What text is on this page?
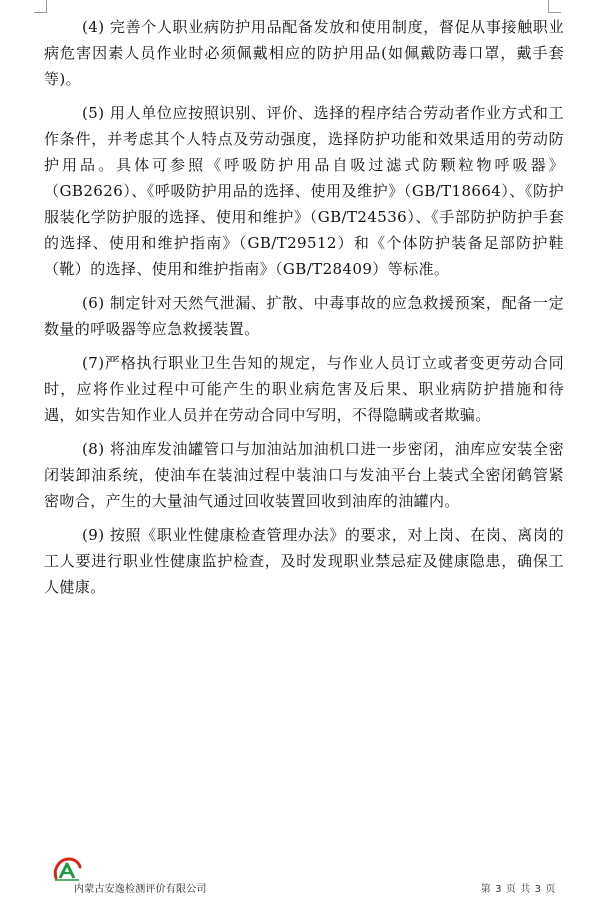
(4) 完善个人职业病防护用品配备发放和使用制度，督促从事接触职业病危害因素人员作业时必须佩戴相应的防护用品(如佩戴防毒口罩，戴手套等)。

(5) 用人单位应按照识别、评价、选择的程序结合劳动者作业方式和工作条件，并考虑其个人特点及劳动强度，选择防护功能和效果适用的劳动防护用品。具体可参照《呼吸防护用品自吸过滤式防颗粒物呼吸器》（GB2626）、《呼吸防护用品的选择、使用及维护》（GB/T18664）、《防护服装化学防护服的选择、使用和维护》（GB/T24536）、《手部防护防护手套的选择、使用和维护指南》（GB/T29512）和《个体防护装备足部防护鞋（靴）的选择、使用和维护指南》（GB/T28409）等标准。

(6) 制定针对天然气泄漏、扩散、中毒事故的应急救援预案，配备一定数量的呼吸器等应急救援装置。

(7)严格执行职业卫生告知的规定，与作业人员订立或者变更劳动合同时，应将作业过程中可能产生的职业病危害及后果、职业病防护措施和待遇，如实告知作业人员并在劳动合同中写明，不得隐瞒或者欺骗。

(8) 将油库发油罐管口与加油站加油机口进一步密闭，油库应安装全密闭装卸油系统，使油车在装油过程中装油口与发油平台上装式全密闭鹤管紧密吻合，产生的大量油气通过回收装置回收到油库的油罐内。

(9) 按照《职业性健康检查管理办法》的要求，对上岗、在岗、离岗的工人要进行职业性健康监护检查，及时发现职业禁忌症及健康隐患，确保工人健康。

内蒙古安逸检测评价有限公司	第 3 页 共 3 页
